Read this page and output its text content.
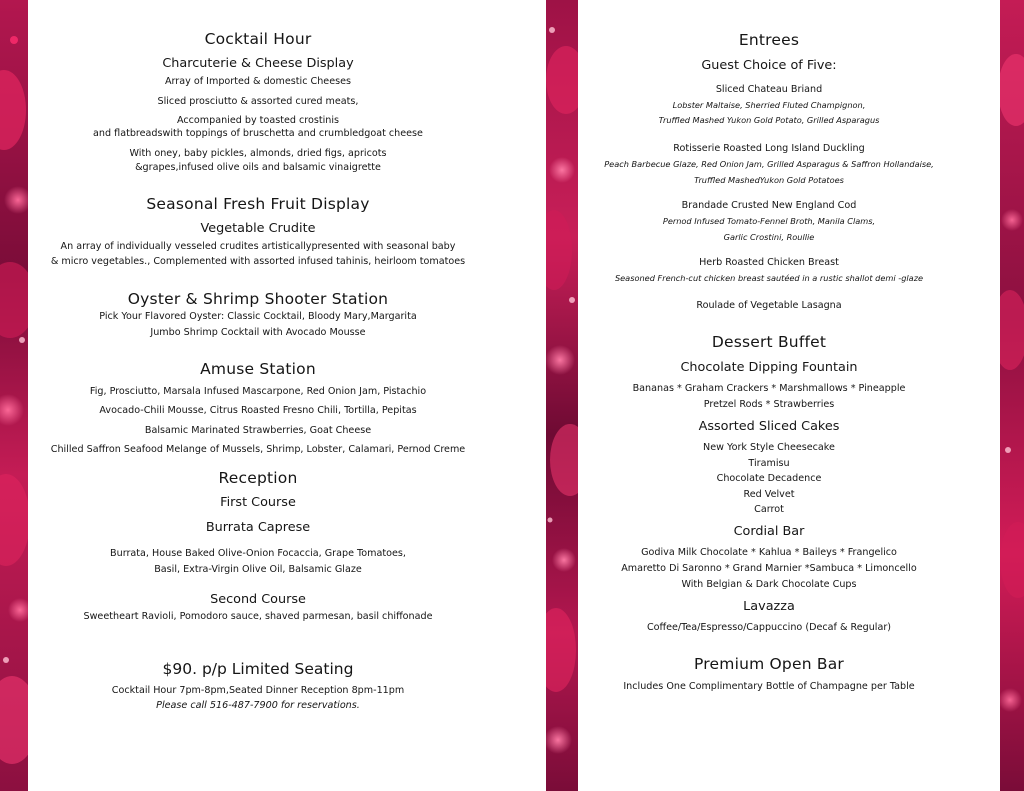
Cocktail Hour
Charcuterie & Cheese Display
Array of Imported & domestic Cheeses
Sliced prosciutto & assorted cured meats,
Accompanied by toasted crostinis
and flatbreadswith toppings of bruschetta and crumbledgoat cheese
With oney, baby pickles, almonds, dried figs, apricots
&grapes,infused olive oils and balsamic vinaigrette
Seasonal Fresh Fruit Display
Vegetable Crudite
An array of individually vesseled crudites artisticallypresented with seasonal baby
& micro vegetables., Complemented with assorted infused tahinis, heirloom tomatoes
Oyster & Shrimp Shooter Station
Pick Your Flavored Oyster: Classic Cocktail, Bloody Mary,Margarita
Jumbo Shrimp Cocktail with Avocado Mousse
Amuse Station
Fig, Prosciutto, Marsala Infused Mascarpone, Red Onion Jam, Pistachio
Avocado-Chili Mousse, Citrus Roasted Fresno Chili, Tortilla, Pepitas
Balsamic Marinated Strawberries, Goat Cheese
Chilled Saffron Seafood Melange of Mussels, Shrimp, Lobster, Calamari, Pernod Creme
Reception
First Course
Burrata Caprese
Burrata, House Baked Olive-Onion Focaccia, Grape Tomatoes,
Basil, Extra-Virgin Olive Oil, Balsamic Glaze
Second Course
Sweetheart Ravioli, Pomodoro sauce, shaved parmesan, basil chiffonade
$90. p/p Limited Seating
Cocktail Hour 7pm-8pm,Seated Dinner Reception 8pm-11pm
Please call 516-487-7900 for reservations.
Entrees
Guest Choice of Five:
Sliced Chateau Briand
Lobster Maltaise, Sherried Fluted Champignon,
Truffled Mashed Yukon Gold Potato, Grilled Asparagus
Rotisserie Roasted Long Island Duckling
Peach Barbecue Glaze, Red Onion Jam, Grilled Asparagus & Saffron Hollandaise,
Truffled MashedYukon Gold Potatoes
Brandade Crusted New England Cod
Pernod Infused Tomato-Fennel Broth, Manila Clams,
Garlic Crostini, Roullie
Herb Roasted Chicken Breast
Seasoned French-cut chicken breast sautéed in a rustic shallot demi -glaze
Roulade of Vegetable Lasagna
Dessert Buffet
Chocolate Dipping Fountain
Bananas * Graham Crackers * Marshmallows * Pineapple
Pretzel Rods * Strawberries
Assorted Sliced Cakes
New York Style Cheesecake
Tiramisu
Chocolate Decadence
Red Velvet
Carrot
Cordial Bar
Godiva Milk Chocolate * Kahlua * Baileys * Frangelico
Amaretto Di Saronno * Grand Marnier *Sambuca * Limoncello
With Belgian & Dark Chocolate Cups
Lavazza
Coffee/Tea/Espresso/Cappuccino (Decaf & Regular)
Premium Open Bar
Includes One Complimentary Bottle of Champagne per Table
